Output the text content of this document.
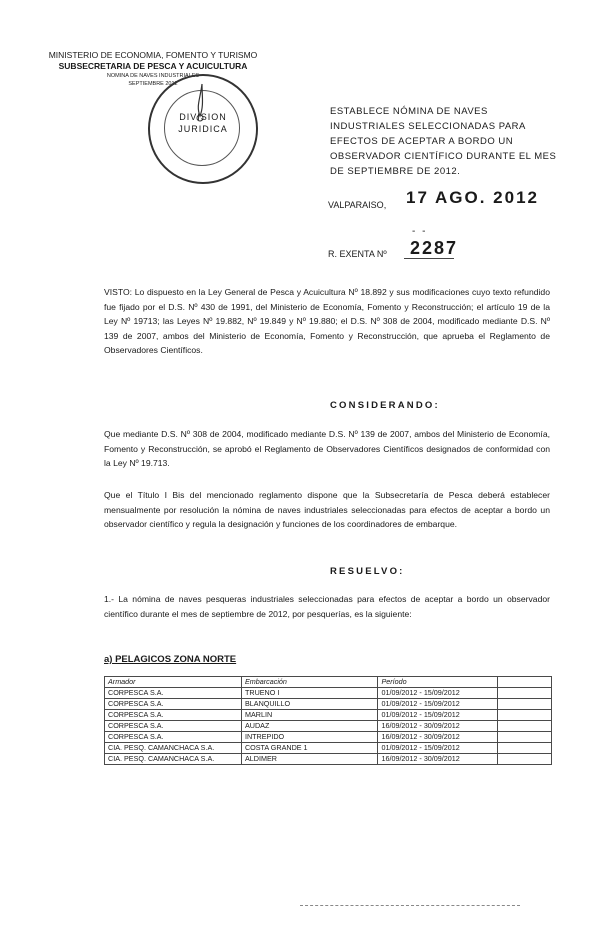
MINISTERIO DE ECONOMIA, FOMENTO Y TURISMO
SUBSECRETARIA DE PESCA Y ACUICULTURA
NOMINA DE NAVES INDUSTRIALES
SEPTIEMBRE 2012
DIVISION
JURIDICA
ESTABLECE NÓMINA DE NAVES INDUSTRIALES SELECCIONADAS PARA EFECTOS DE ACEPTAR A BORDO UN OBSERVADOR CIENTÍFICO DURANTE EL MES DE SEPTIEMBRE DE 2012.
VALPARAISO, 17 AGO. 2012
R. EXENTA Nº
- -
2287
VISTO: Lo dispuesto en la Ley General de Pesca y Acuicultura Nº 18.892 y sus modificaciones cuyo texto refundido fue fijado por el D.S. Nº 430 de 1991, del Ministerio de Economía, Fomento y Reconstrucción; el artículo 19 de la Ley Nº 19713; las Leyes Nº 19.882, Nº 19.849 y Nº 19.880; el D.S. Nº 308 de 2004, modificado mediante D.S. Nº 139 de 2007, ambos del Ministerio de Economía, Fomento y Reconstrucción, que aprueba el Reglamento de Observadores Científicos.
CONSIDERANDO:
Que mediante D.S. Nº 308 de 2004, modificado mediante D.S. Nº 139 de 2007, ambos del Ministerio de Economía, Fomento y Reconstrucción, se aprobó el Reglamento de Observadores Científicos designados de conformidad con la Ley Nº 19.713.
Que el Título I Bis del mencionado reglamento dispone que la Subsecretaría de Pesca deberá establecer mensualmente por resolución la nómina de naves industriales seleccionadas para efectos de aceptar a bordo un observador científico y regula la designación y funciones de los coordinadores de embarque.
RESUELVO:
1.- La nómina de naves pesqueras industriales seleccionadas para efectos de aceptar a bordo un observador científico durante el mes de septiembre de 2012, por pesquerías, es la siguiente:
a) PELAGICOS ZONA NORTE
Armador	Embarcación	Período	
CORPESCA S.A.	TRUENO I	01/09/2012 - 15/09/2012	
CORPESCA S.A.	BLANQUILLO	01/09/2012 - 15/09/2012	
CORPESCA S.A.	MARLIN	01/09/2012 - 15/09/2012	
CORPESCA S.A.	AUDAZ	16/09/2012 - 30/09/2012	
CORPESCA S.A.	INTREPIDO	16/09/2012 - 30/09/2012	
CIA. PESQ. CAMANCHACA S.A.	COSTA GRANDE 1	01/09/2012 - 15/09/2012	
CIA. PESQ. CAMANCHACA S.A.	ALDIMER	16/09/2012 - 30/09/2012	
